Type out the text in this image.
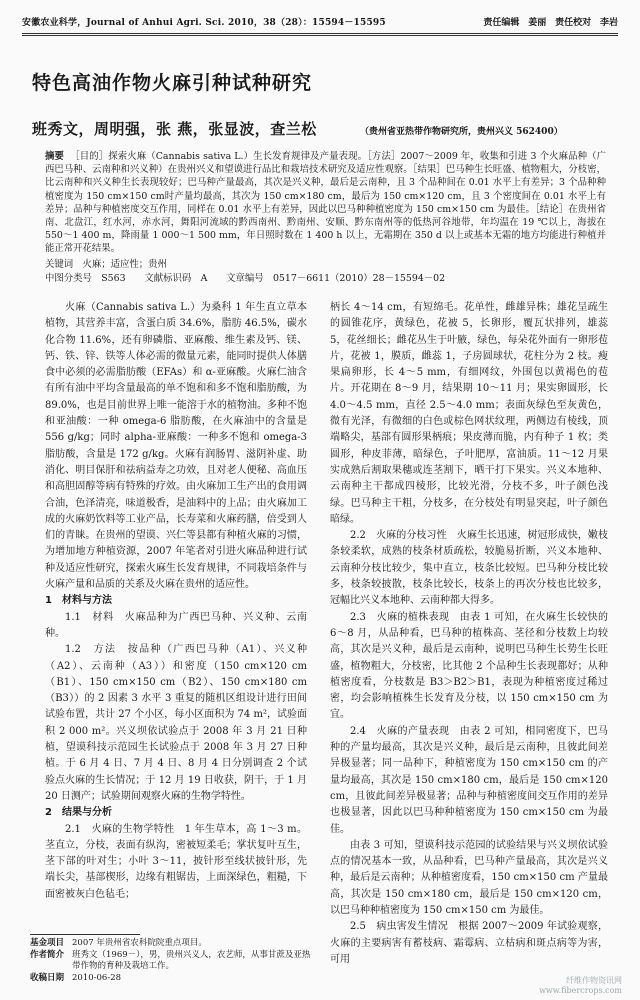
安徽农业科学，Journal of Anhui Agri. Sci. 2010，38（28）：15594－15595	责任编辑 姜丽 责任校对 李岩
特色高油作物火麻引种试种研究
班秀文，周明强，张 燕，张显波，查兰松	（贵州省亚热带作物研究所，贵州兴义 562400）
摘要 ［目的］探索火麻（Cannabis sativa L.）生长发育规律及产量表现。［方法］2007～2009 年，收集和引进 3 个火麻品种（广西巴马种、云南种和兴义种）在贵州兴义和望谟进行品比和栽培技术研究及适应性观察。［结果］巴马种生长旺盛、植物粗大，分枝密，比云南种和兴义种生长表现较好；巴马种产量最高，其次是兴义种，最后是云南种，且 3 个品种间在 0.01 水平上有差异；3 个品种种植密度为 150 cm×150 cm时产量均最高，其次为 150 cm×180 cm，最后为 150 cm×120 cm，且 3 个密度间在 0.01 水平上有差异；品种与种植密度交互作用，同样在 0.01 水平上有差异，因此以巴马种种植密度为 150 cm×150 cm 为最佳。［结论］在贵州省南、北盘江，红水河，赤水河，舞阳河流域的黔西南州、黔南州、安顺、黔东南州等的低热河谷地带，年均温在 19 ℃以上，海拔在 550～1 400 m，降雨量 1 000～1 500 mm，年日照时数在 1 400 h 以上，无霜期在 350 d 以上或基本无霜的地方均能进行种植并能正常开花结果。
关键词　火麻；适应性；贵州
中图分类号　S563　　文献标识码　A　　文章编号　0517－6611（2010）28－15594－02

火麻（Cannabis sativa L.）为桑科 1 年生直立草本植物，其营养丰富，含蛋白质 34.6%，脂肪 46.5%，碳水化合物 11.6%，还有卵磷脂、亚麻酸、维生素及钙、镁、钙、铁、锌、铁等人体必需的微量元素，能同时提供人体膳食中必须的必需脂肪酸（EFAs）和 α-亚麻酸。火麻仁油含有所有油中平均含量最高的单不饱和和多不饱和脂肪酸，为 89.0%，也是目前世界上唯一能溶于水的植物油。多种不饱和亚油酸：一种 omega-6 脂肪酸，在火麻油中的含量是 556 g/kg；同时 alpha-亚麻酸：一种多不饱和 omega-3 脂肪酸，含量是 172 g/kg。火麻有润肠胃、滋阴补虚、助消化、明目保肝和祛病益寿之功效，且对老人便秘、高血压和高胆固醇等病有特殊的疗效。由火麻加工生产出的食用调合油，色泽清亮，味道极香，是油料中的上品；由火麻加工成的火麻奶饮料等工业产品，长寿菜和火麻药膳，倍受到人们的青睐。在贵州的望谟、兴仁等县都有种植火麻的习惯，为增加地方种植资源，2007 年笔者对引进火麻品种进行试种及适应性研究，探索火麻生长发育规律，不同栽培条件与火麻产量和品质的关系及火麻在贵州的适应性。

1　材料与方法

1.1　材料　火麻品种为广西巴马种、兴义种、云南种。

1.2　方法　按品种（广西巴马种（A1）、兴义种（A2）、云南种（A3））和密度（150 cm×120 cm（B1）、150 cm×150 cm（B2）、150 cm×180 cm（B3））的 2 因素 3 水平 3 重复的随机区组设计进行田间试验布置，共计 27 个小区，每小区面积为 74 m²，试验面积 2 000 m²。兴义坝依试验点于 2008 年 3 月 21 日种植，望谟科技示范园生长试验点于 2008 年 3 月 27 日种植。于 6 月 4 日、7 月 4 日、8 月 4 日分别调查 2 个试验点火麻的生长情况；于 12 月 19 日收获，阴干，于 1 月 20 日测产；试验期间观察火麻的生物学特性。

2　结果与分析

2.1　火麻的生物学特性　1 年生草本，高 1～3 m。茎直立，分枝，表面有纵沟，密被短柔毛；掌状复叶互生，茎下部的叶对生；小叶 3～11，披针形至线状披针形，先端长尖，基部楔形，边缘有粗锯齿，上面深绿色，粗糙，下面密被灰白色毡毛；

柄长 4～14 cm，有短绵毛。花单性，雌雄异株；雄花呈疏生的圆锥花序，黄绿色，花被 5，长卵形，覆瓦状排列，雄蕊 5，花丝细长；雌花丛生于叶腋，绿色，每朵花外面有一卵形苞片，花被 1，膜质，雌蕊 1，子房圆球状，花柱分为 2 枝。瘦果扁卵形，长 4～5 mm，有细网纹，外围包以黄褐色的苞片。开花期在 8～9 月，结果期 10～11 月；果实卵圆形，长 4.0～4.5 mm，直径 2.5～4.0 mm；表面灰绿色至灰黄色，微有光泽，有微细的白色或棕色网状纹理，两侧边有棱线，顶端略尖，基部有圆形果柄痕；果皮薄而脆，内有种子 1 枚；类圆形，种皮菲薄，暗绿色，子叶肥厚，富油质。11～12 月果实成熟后割取果穗或连茎割下，晒干打下果实。兴义本地种、云南种主干都成四棱形，比较光滑，分枝不多，叶子颜色浅绿。巴马种主干粗，分枝多，在分枝处有明显突起，叶子颜色暗绿。

2.2　火麻的分枝习性　火麻生长迅速，树冠形成快，嫩枝条较柔软，成熟的枝条材质疏松，较脆易折断，兴义本地种、云南种分枝比较少，集中直立，枝条比较短。巴马种分枝比较多，枝条较披散，枝条比较长，枝条上的再次分枝也比较多，冠幅比兴义本地种、云南种都大得多。

2.3　火麻的植株表现　由表 1 可知，在火麻生长较快的 6～8 月，从品种看，巴马种的植株高、茎径和分枝数上均较高，其次是兴义种，最后是云南种，说明巴马种生长势生长旺盛，植物粗大，分枝密，比其他 2 个品种生长表现都好；从种植密度看，分枝数是 B3＞B2＞B1，表现为种植密度过稀过密，均会影响植株生长发育及分枝，以 150 cm×150 cm 为宜。

2.4　火麻的产量表现　由表 2 可知，相同密度下，巴马种的产量均最高，其次是兴义种，最后是云南种，且彼此间差异极显著；同一品种下，种植密度为 150 cm×150 cm 的产量均最高，其次是 150 cm×180 cm，最后是 150 cm×120 cm，且彼此间差异极显著；品种与种植密度间交互作用的差异也极显著，因此以巴马种种植密度为 150 cm×150 cm 为最佳。

由表 3 可知，望谟科技示范园的试验结果与兴义坝依试验点的情况基本一致，从品种看，巴马种产量最高，其次是兴义种，最后是云南种；从种植密度看，150 cm×150 cm 产量最高，其次是 150 cm×180 cm，最后是 150 cm×120 cm，以巴马种种植密度为 150 cm×150 cm 为最佳。

2.5　病虫害发生情况　根据 2007～2009 年试验观察，火麻的主要病害有蓄枝病、霜霉病、立枯病和斑点病等为害，可用

基金项目 2007 年贵州省农科院院重点项目。
作者简介 班秀文（1969－），男，贵州兴义人，农艺师，从事甘蔗及亚热带作物的育种及栽培工作。
收稿日期 2010-06-28	纤维作物资讯网
www.fibercrops.com
